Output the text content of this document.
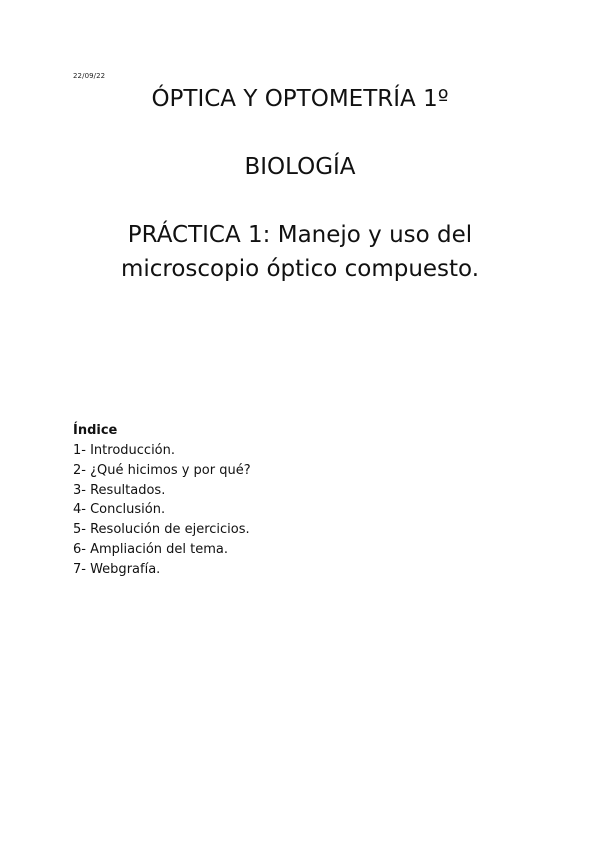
22/09/22
ÓPTICA Y OPTOMETRÍA 1º
BIOLOGÍA
PRÁCTICA 1: Manejo y uso del
microscopio óptico compuesto.
Índice
1- Introducción.
2- ¿Qué hicimos y por qué?
3- Resultados.
4- Conclusión.
5- Resolución de ejercicios.
6- Ampliación del tema.
7- Webgrafía.
